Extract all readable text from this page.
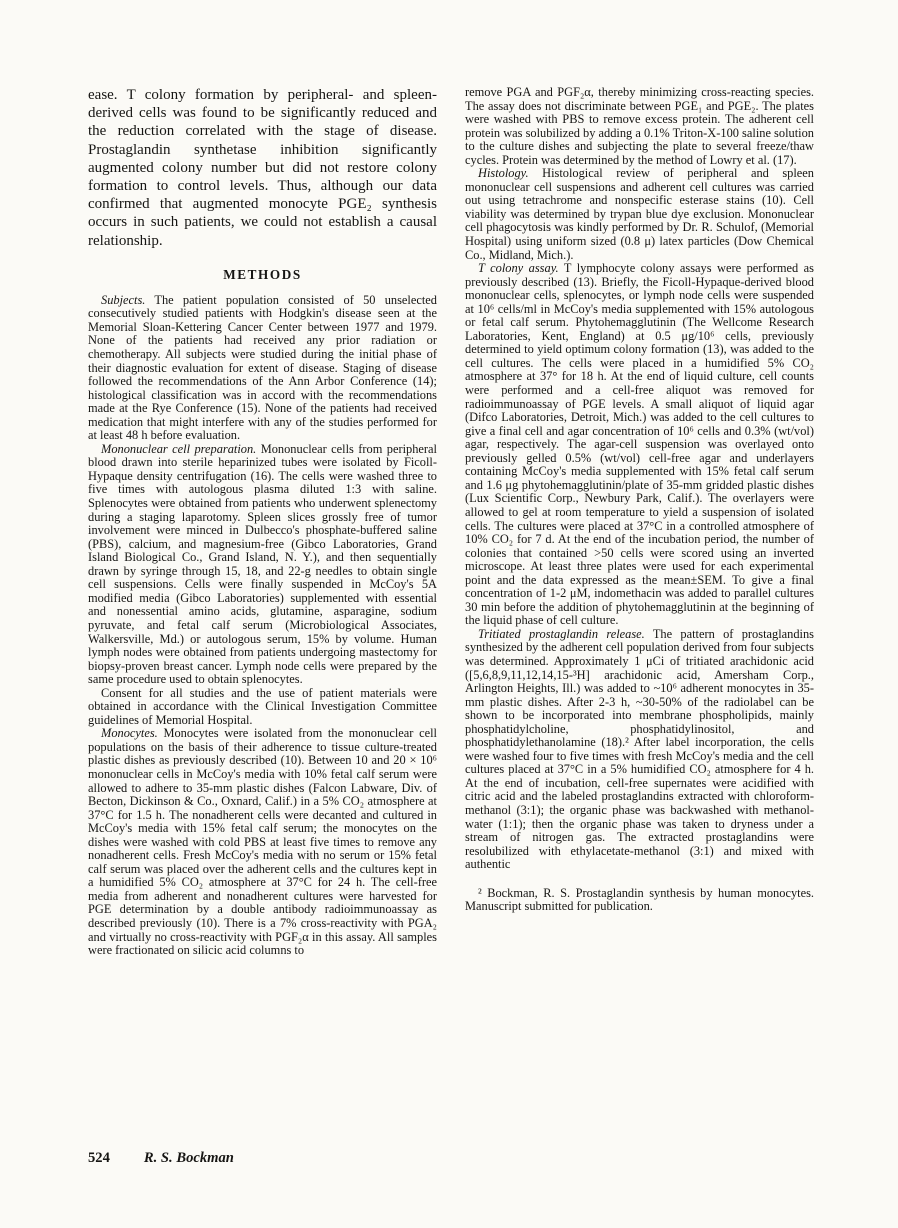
ease. T colony formation by peripheral- and spleen-derived cells was found to be significantly reduced and the reduction correlated with the stage of disease. Prostaglandin synthetase inhibition significantly augmented colony number but did not restore colony formation to control levels. Thus, although our data confirmed that augmented monocyte PGE₂ synthesis occurs in such patients, we could not establish a causal relationship.

METHODS

Subjects. The patient population consisted of 50 unselected consecutively studied patients with Hodgkin's disease seen at the Memorial Sloan-Kettering Cancer Center between 1977 and 1979. None of the patients had received any prior radiation or chemotherapy. All subjects were studied during the initial phase of their diagnostic evaluation for extent of disease. Staging of disease followed the recommendations of the Ann Arbor Conference (14); histological classification was in accord with the recommendations made at the Rye Conference (15). None of the patients had received medication that might interfere with any of the studies performed for at least 48 h before evaluation.

Mononuclear cell preparation. Mononuclear cells from peripheral blood drawn into sterile heparinized tubes were isolated by Ficoll-Hypaque density centrifugation (16). The cells were washed three to five times with autologous plasma diluted 1:3 with saline. Splenocytes were obtained from patients who underwent splenectomy during a staging laparotomy. Spleen slices grossly free of tumor involvement were minced in Dulbecco's phosphate-buffered saline (PBS), calcium, and magnesium-free (Gibco Laboratories, Grand Island Biological Co., Grand Island, N. Y.), and then sequentially drawn by syringe through 15, 18, and 22-g needles to obtain single cell suspensions. Cells were finally suspended in McCoy's 5A modified media (Gibco Laboratories) supplemented with essential and nonessential amino acids, glutamine, asparagine, sodium pyruvate, and fetal calf serum (Microbiological Associates, Walkersville, Md.) or autologous serum, 15% by volume. Human lymph nodes were obtained from patients undergoing mastectomy for biopsy-proven breast cancer. Lymph node cells were prepared by the same procedure used to obtain splenocytes.

Consent for all studies and the use of patient materials were obtained in accordance with the Clinical Investigation Committee guidelines of Memorial Hospital.

Monocytes. Monocytes were isolated from the mononuclear cell populations on the basis of their adherence to tissue culture-treated plastic dishes as previously described (10). Between 10 and 20 × 10⁶ mononuclear cells in McCoy's media with 10% fetal calf serum were allowed to adhere to 35-mm plastic dishes (Falcon Labware, Div. of Becton, Dickinson & Co., Oxnard, Calif.) in a 5% CO₂ atmosphere at 37°C for 1.5 h. The nonadherent cells were decanted and cultured in McCoy's media with 15% fetal calf serum; the monocytes on the dishes were washed with cold PBS at least five times to remove any nonadherent cells. Fresh McCoy's media with no serum or 15% fetal calf serum was placed over the adherent cells and the cultures kept in a humidified 5% CO₂ atmosphere at 37°C for 24 h. The cell-free media from adherent and nonadherent cultures were harvested for PGE determination by a double antibody radioimmunoassay as described previously (10). There is a 7% cross-reactivity with PGA₂ and virtually no cross-reactivity with PGF₂α in this assay. All samples were fractionated on silicic acid columns to

remove PGA and PGF₂α, thereby minimizing cross-reacting species. The assay does not discriminate between PGE₁ and PGE₂. The plates were washed with PBS to remove excess protein. The adherent cell protein was solubilized by adding a 0.1% Triton-X-100 saline solution to the culture dishes and subjecting the plate to several freeze/thaw cycles. Protein was determined by the method of Lowry et al. (17).

Histology. Histological review of peripheral and spleen mononuclear cell suspensions and adherent cell cultures was carried out using tetrachrome and nonspecific esterase stains (10). Cell viability was determined by trypan blue dye exclusion. Mononuclear cell phagocytosis was kindly performed by Dr. R. Schulof, (Memorial Hospital) using uniform sized (0.8 μ) latex particles (Dow Chemical Co., Midland, Mich.).

T colony assay. T lymphocyte colony assays were performed as previously described (13). Briefly, the Ficoll-Hypaque-derived blood mononuclear cells, splenocytes, or lymph node cells were suspended at 10⁶ cells/ml in McCoy's media supplemented with 15% autologous or fetal calf serum. Phytohemagglutinin (The Wellcome Research Laboratories, Kent, England) at 0.5 μg/10⁶ cells, previously determined to yield optimum colony formation (13), was added to the cell cultures. The cells were placed in a humidified 5% CO₂ atmosphere at 37° for 18 h. At the end of liquid culture, cell counts were performed and a cell-free aliquot was removed for radioimmunoassay of PGE levels. A small aliquot of liquid agar (Difco Laboratories, Detroit, Mich.) was added to the cell cultures to give a final cell and agar concentration of 10⁶ cells and 0.3% (wt/vol) agar, respectively. The agar-cell suspension was overlayed onto previously gelled 0.5% (wt/vol) cell-free agar and underlayers containing McCoy's media supplemented with 15% fetal calf serum and 1.6 μg phytohemagglutinin/plate of 35-mm gridded plastic dishes (Lux Scientific Corp., Newbury Park, Calif.). The overlayers were allowed to gel at room temperature to yield a suspension of isolated cells. The cultures were placed at 37°C in a controlled atmosphere of 10% CO₂ for 7 d. At the end of the incubation period, the number of colonies that contained >50 cells were scored using an inverted microscope. At least three plates were used for each experimental point and the data expressed as the mean±SEM. To give a final concentration of 1-2 μM, indomethacin was added to parallel cultures 30 min before the addition of phytohemagglutinin at the beginning of the liquid phase of cell culture.

Tritiated prostaglandin release. The pattern of prostaglandins synthesized by the adherent cell population derived from four subjects was determined. Approximately 1 μCi of tritiated arachidonic acid ([5,6,8,9,11,12,14,15-³H] arachidonic acid, Amersham Corp., Arlington Heights, Ill.) was added to ~10⁶ adherent monocytes in 35-mm plastic dishes. After 2-3 h, ~30-50% of the radiolabel can be shown to be incorporated into membrane phospholipids, mainly phosphatidylcholine, phosphatidylinositol, and phosphatidylethanolamine (18).² After label incorporation, the cells were washed four to five times with fresh McCoy's media and the cell cultures placed at 37°C in a 5% humidified CO₂ atmosphere for 4 h. At the end of incubation, cell-free supernates were acidified with citric acid and the labeled prostaglandins extracted with chloroform-methanol (3:1); the organic phase was backwashed with methanol-water (1:1); then the organic phase was taken to dryness under a stream of nitrogen gas. The extracted prostaglandins were resolubilized with ethylacetate-methanol (3:1) and mixed with authentic

² Bockman, R. S. Prostaglandin synthesis by human monocytes. Manuscript submitted for publication.

524 R. S. Bockman
